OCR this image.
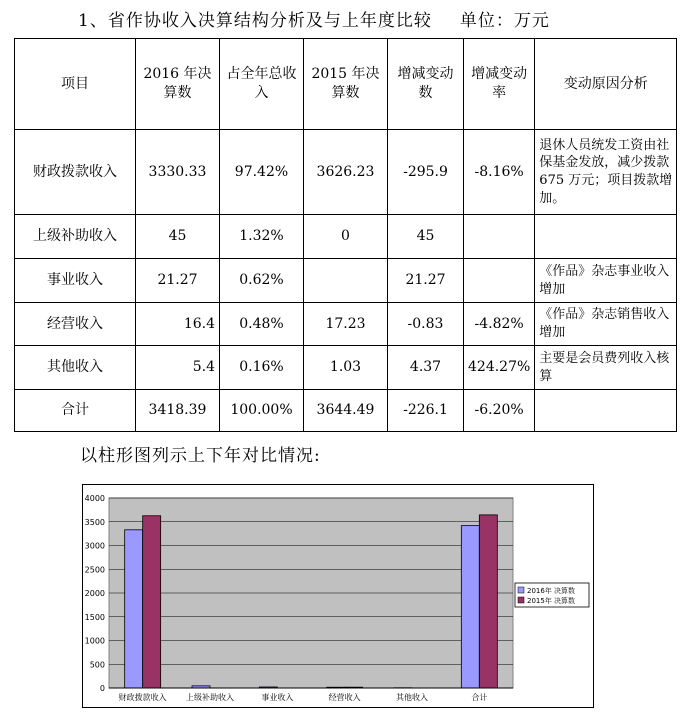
1、省作协收入决算结构分析及与上年度比较 单位：万元
项目	2016 年决算数	占全年总收入	2015 年决算数	增减变动数	增减变动率	变动原因分析
财政拨款收入	3330.33	97.42%	3626.23	-295.9	-8.16%	退休人员统发工资由社保基金发放，减少拨款 675 万元；项目拨款增加。
上级补助收入	45	1.32%	0	45		
事业收入	21.27	0.62%		21.27		《作品》杂志事业收入增加
经营收入	16.4	0.48%	17.23	-0.83	-4.82%	《作品》杂志销售收入增加
其他收入	5.4	0.16%	1.03	4.37	424.27%	主要是会员费列收入核算
合计	3418.39	100.00%	3644.49	-226.1	-6.20%	
以柱形图列示上下年对比情况:
0
500
1000
1500
2000
2500
3000
3500
4000
财政拨款收入 上级补助收入	事业收入	经营收入	其他收入	合计
2016年 决算数
2015年 决算数
